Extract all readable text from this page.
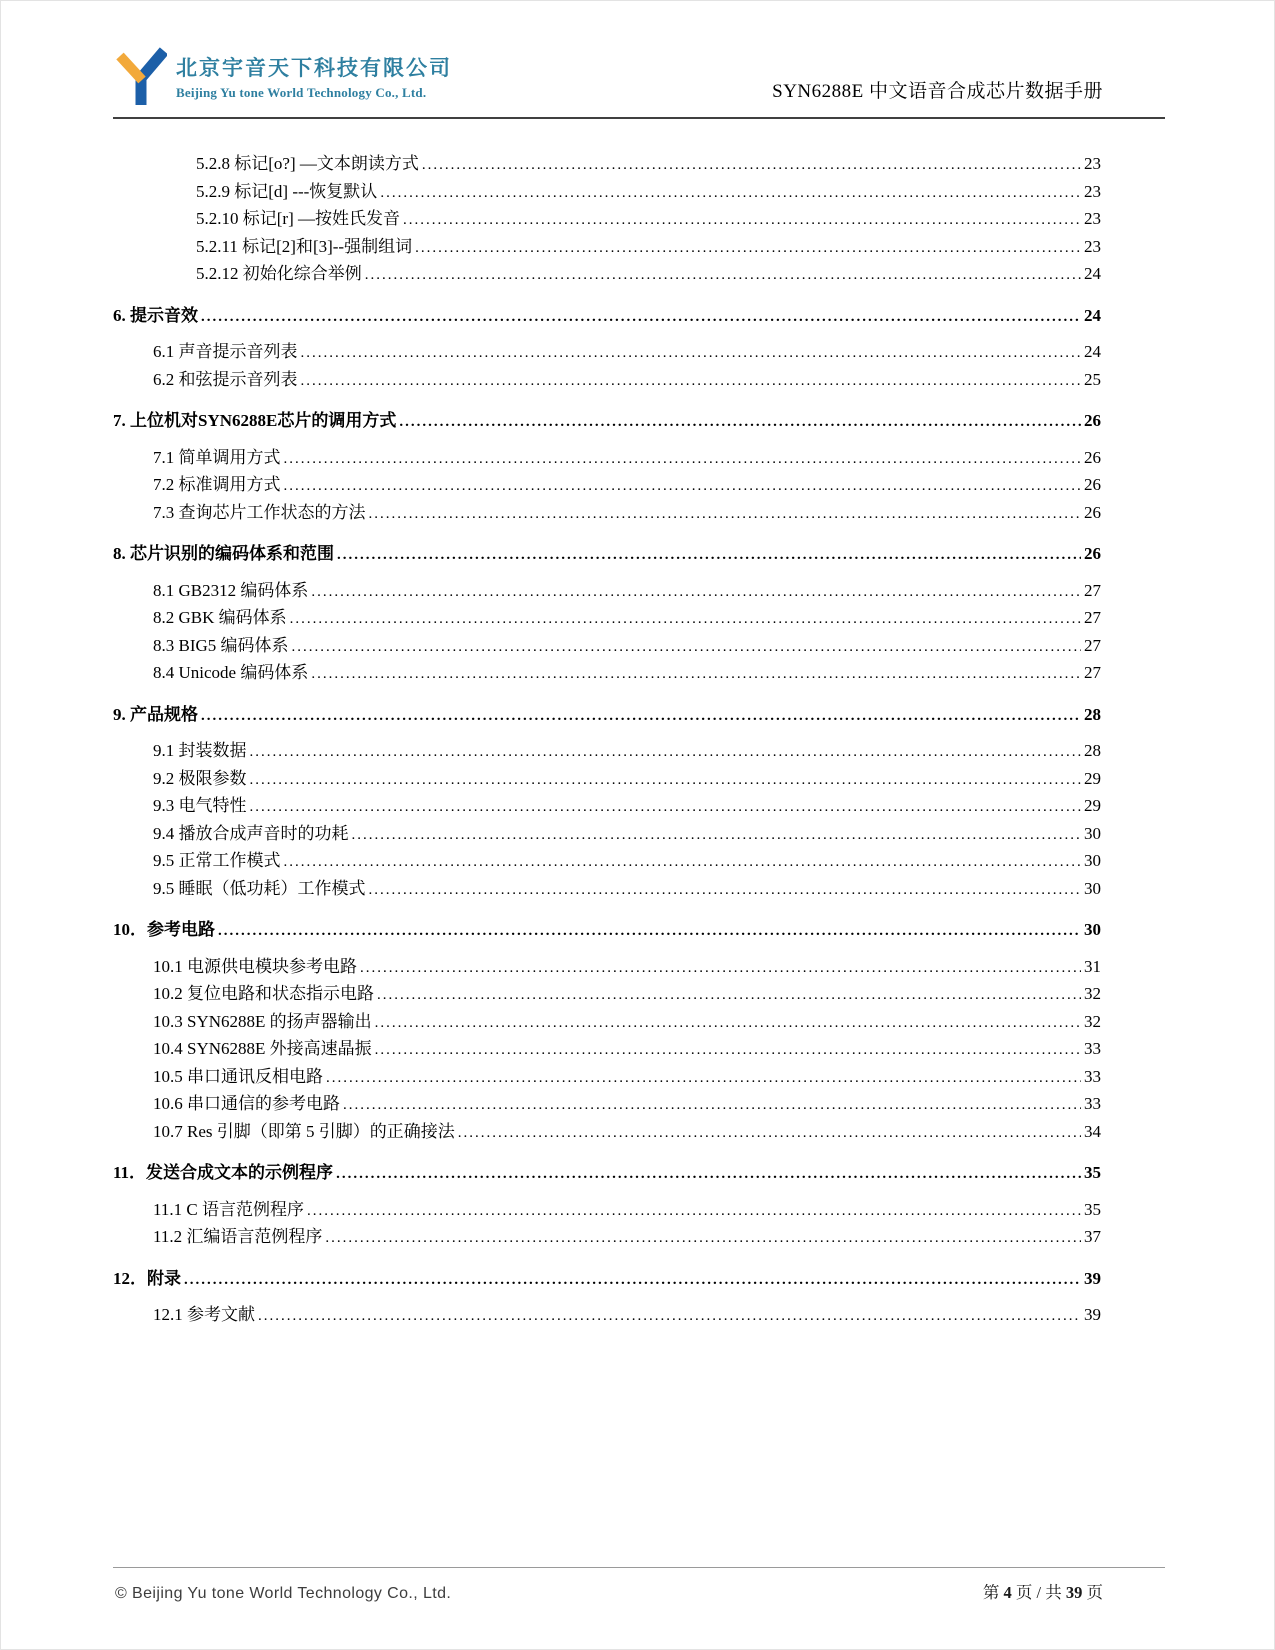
北京宇音天下科技有限公司
Beijing Yu tone World Technology Co., Ltd.	SYN6288E 中文语音合成芯片数据手册
5.2.8 标记[o?] —文本朗读方式 .....	23
5.2.9 标记[d] ---恢复默认 .....	23
5.2.10 标记[r] —按姓氏发音 .....	23
5.2.11 标记[2]和[3]--强制组词 .....	23
5.2.12 初始化综合举例 .....	24
6. 提示音效 .....	24
6.1 声音提示音列表 .....	24
6.2 和弦提示音列表 .....	25
7. 上位机对SYN6288E芯片的调用方式 .....	26
7.1 简单调用方式 .....	26
7.2 标准调用方式 .....	26
7.3 查询芯片工作状态的方法 .....	26
8. 芯片识别的编码体系和范围 .....	26
8.1 GB2312 编码体系 .....	27
8.2 GBK 编码体系 .....	27
8.3 BIG5 编码体系 .....	27
8.4 Unicode 编码体系 .....	27
9. 产品规格 .....	28
9.1 封装数据 .....	28
9.2 极限参数 .....	29
9.3 电气特性 .....	29
9.4 播放合成声音时的功耗 .....	30
9.5 正常工作模式 .....	30
9.5 睡眠（低功耗）工作模式 .....	30
10．参考电路 .....	30
10.1 电源供电模块参考电路 .....	31
10.2 复位电路和状态指示电路 .....	32
10.3 SYN6288E 的扬声器输出 .....	32
10.4 SYN6288E 外接高速晶振 .....	33
10.5 串口通讯反相电路 .....	33
10.6 串口通信的参考电路 .....	33
10.7 Res 引脚（即第 5 引脚）的正确接法 .....	34
11．发送合成文本的示例程序 .....	35
11.1 C 语言范例程序 .....	35
11.2 汇编语言范例程序 .....	37
12．附录 .....	39
12.1 参考文献 .....	39
© Beijing Yu tone World Technology Co., Ltd.	第 4 页 / 共 39 页
